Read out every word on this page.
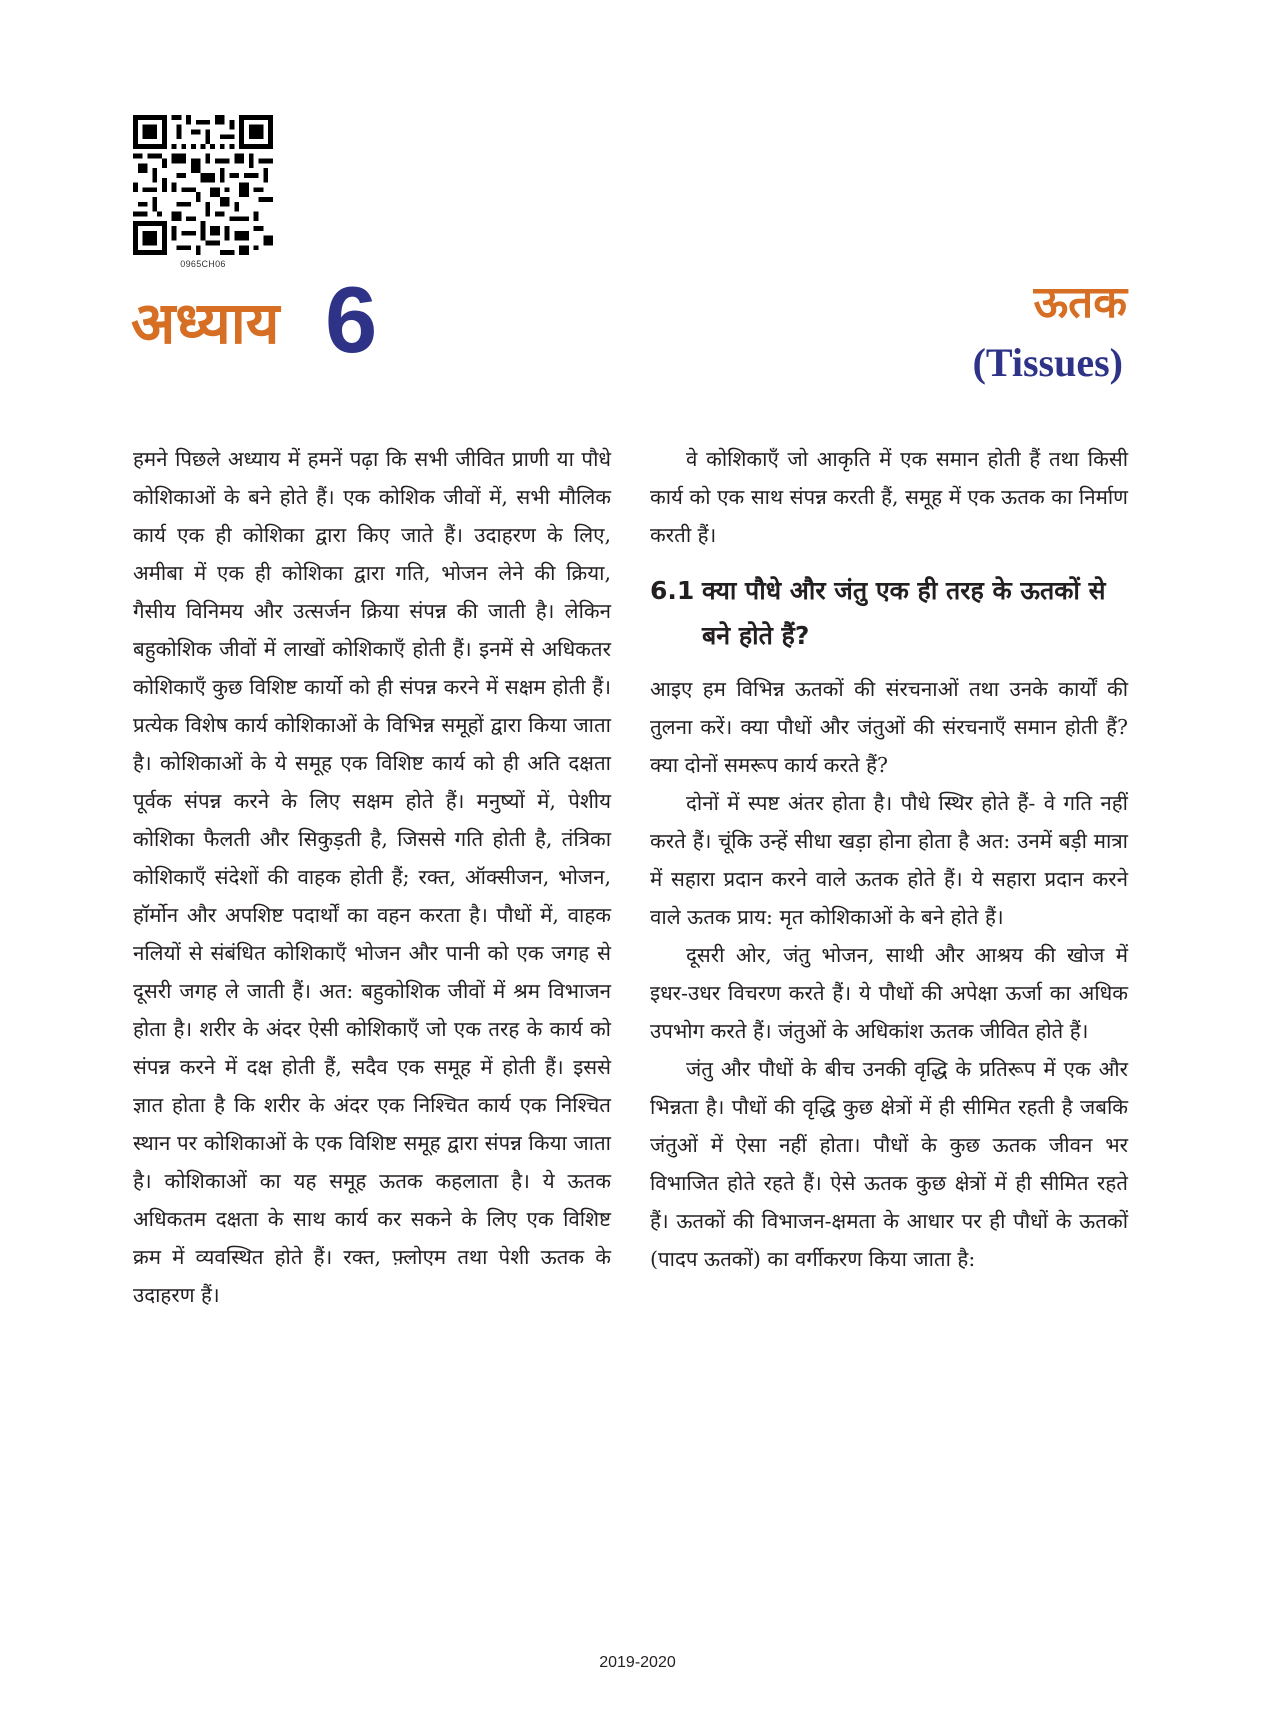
0965CH06
अध्याय 6	ऊतक
(Tissues)

हमने पिछले अध्याय में हमनें पढ़ा कि सभी जीवित प्राणी या पौधे कोशिकाओं के बने होते हैं। एक कोशिक जीवों में, सभी मौलिक कार्य एक ही कोशिका द्वारा किए जाते हैं। उदाहरण के लिए, अमीबा में एक ही कोशिका द्वारा गति, भोजन लेने की क्रिया, गैसीय विनिमय और उत्सर्जन क्रिया संपन्न की जाती है। लेकिन बहुकोशिक जीवों में लाखों कोशिकाएँ होती हैं। इनमें से अधिकतर कोशिकाएँ कुछ विशिष्ट कार्यो को ही संपन्न करने में सक्षम होती हैं। प्रत्येक विशेष कार्य कोशिकाओं के विभिन्न समूहों द्वारा किया जाता है। कोशिकाओं के ये समूह एक विशिष्ट कार्य को ही अति दक्षता पूर्वक संपन्न करने के लिए सक्षम होते हैं। मनुष्यों में, पेशीय कोशिका फैलती और सिकुड़ती है, जिससे गति होती है, तंत्रिका कोशिकाएँ संदेशों की वाहक होती हैं; रक्त, ऑक्सीजन, भोजन, हॉर्मोन और अपशिष्ट पदार्थों का वहन करता है। पौधों में, वाहक नलियों से संबंधित कोशिकाएँ भोजन और पानी को एक जगह से दूसरी जगह ले जाती हैं। अत: बहुकोशिक जीवों में श्रम विभाजन होता है। शरीर के अंदर ऐसी कोशिकाएँ जो एक तरह के कार्य को संपन्न करने में दक्ष होती हैं, सदैव एक समूह में होती हैं। इससे ज्ञात होता है कि शरीर के अंदर एक निश्चित कार्य एक निश्चित स्थान पर कोशिकाओं के एक विशिष्ट समूह द्वारा संपन्न किया जाता है। कोशिकाओं का यह समूह ऊतक कहलाता है। ये ऊतक अधिकतम दक्षता के साथ कार्य कर सकने के लिए एक विशिष्ट क्रम में व्यवस्थित होते हैं। रक्त, फ़्लोएम तथा पेशी ऊतक के उदाहरण हैं।

वे कोशिकाएँ जो आकृति में एक समान होती हैं तथा किसी कार्य को एक साथ संपन्न करती हैं, समूह में एक ऊतक का निर्माण करती हैं।

6.1 क्या पौधे और जंतु एक ही तरह के ऊतकों से बने होते हैं?

आइए हम विभिन्न ऊतकों की संरचनाओं तथा उनके कार्यों की तुलना करें। क्या पौधों और जंतुओं की संरचनाएँ समान होती हैं? क्या दोनों समरूप कार्य करते हैं?

दोनों में स्पष्ट अंतर होता है। पौधे स्थिर होते हैं- वे गति नहीं करते हैं। चूंकि उन्हें सीधा खड़ा होना होता है अत: उनमें बड़ी मात्रा में सहारा प्रदान करने वाले ऊतक होते हैं। ये सहारा प्रदान करने वाले ऊतक प्राय: मृत कोशिकाओं के बने होते हैं।

दूसरी ओर, जंतु भोजन, साथी और आश्रय की खोज में इधर-उधर विचरण करते हैं। ये पौधों की अपेक्षा ऊर्जा का अधिक उपभोग करते हैं। जंतुओं के अधिकांश ऊतक जीवित होते हैं।

जंतु और पौधों के बीच उनकी वृद्धि के प्रतिरूप में एक और भिन्नता है। पौधों की वृद्धि कुछ क्षेत्रों में ही सीमित रहती है जबकि जंतुओं में ऐसा नहीं होता। पौधों के कुछ ऊतक जीवन भर विभाजित होते रहते हैं। ऐसे ऊतक कुछ क्षेत्रों में ही सीमित रहते हैं। ऊतकों की विभाजन-क्षमता के आधार पर ही पौधों के ऊतकों (पादप ऊतकों) का वर्गीकरण किया जाता है:

2019-2020
